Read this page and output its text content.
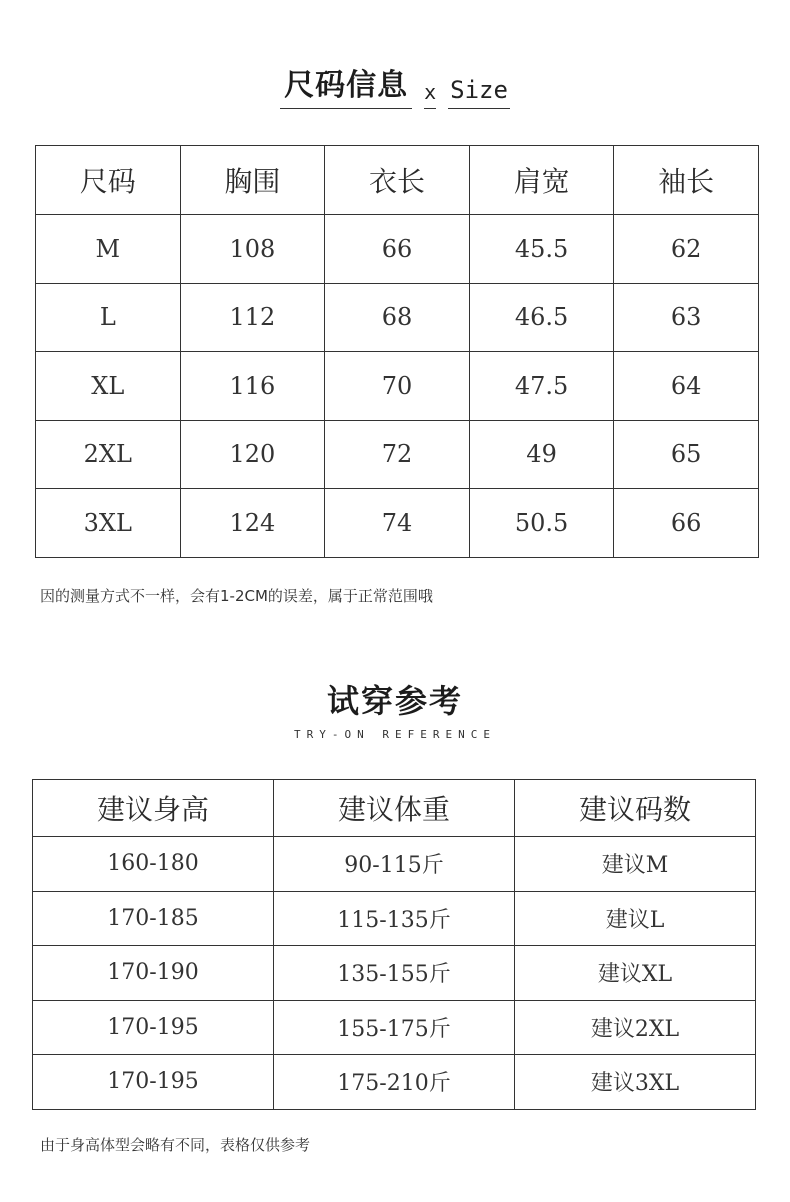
尺码信息 x Size
尺码	胸围	衣长	肩宽	袖长
M	108	66	45.5	62
L	112	68	46.5	63
XL	116	70	47.5	64
2XL	120	72	49	65
3XL	124	74	50.5	66
因的测量方式不一样，会有1-2CM的误差，属于正常范围哦
试穿参考
TRY-ON REFERENCE
建议身高	建议体重	建议码数
160-180	90-115斤	建议M
170-185	115-135斤	建议L
170-190	135-155斤	建议XL
170-195	155-175斤	建议2XL
170-195	175-210斤	建议3XL
由于身高体型会略有不同，表格仅供参考
